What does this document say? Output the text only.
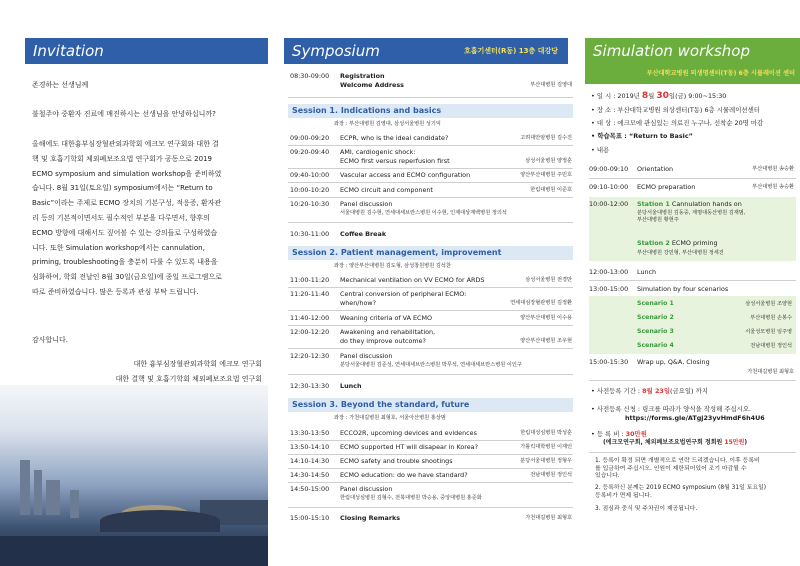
Invitation
존경하는 선생님께
불철주야 중환자 진료에 매진하시는 선생님을 안녕하십니까?
올해에도 대한흉부심장혈관외과학회 에크모 연구회와 대한 결
핵 및 호흡기학회 체외폐보조요법 연구회가 공동으로 2019
ECMO symposium and simulation workshop을 준비하였
습니다. 8월 31일(토요일) symposium에서는 “Return to
Basic”이라는 주제로 ECMO 장치의 기본구성, 적응증, 환자관
리 등의 기본적이면서도 필수적인 부분을 다루면서, 향후의
ECMO 방향에 대해서도 짚어볼 수 있는 강의들로 구성하였습
니다. 또한 Simulation workshop에서는 cannulation,
priming, troubleshooting을 충분히 다룰 수 있도록 내용을
심화하여, 학회 전날인 8월 30일(금요일)에 종일 프로그램으로
따로 준비하였습니다. 많은 등록과 관심 부탁 드립니다.
감사합니다.
대한 흉부심장혈관외과학회 에크모 연구회
대한 결핵 및 호흡기학회 체외폐보조요법 연구회
Symposium	호흡기센터(R동) 13층 대강당
08:30-09:00	Registration
Welcome Address	부산대병원 김영대
Session 1. Indications and basics
좌장 : 부산대병원 김영대, 삼성서울병원 성기익
09:00-09:20	ECPR, who is the ideal candidate?	고려대안암병원 김수진
09:20-09:40	AMI, cardiogenic shock:
ECMO first versus reperfusion first	삼성서울병원 양정훈
09:40-10:00	Vascular access and ECMO configuration	양산부산대병원 주민호
10:00-10:20	ECMO circuit and component	한림대병원 이준호
10:20-10:30	Panel discussion
서울대병원 김수현, 연세대세브란스병원 이수현, 인제대상계백병원 정의석
10:30-11:00	Coffee Break
Session 2. Patient management, improvement
좌장 : 양산부산대병원 김도형, 삼성창원병원 김석찬
11:00-11:20	Mechanical ventilation on VV ECMO for ARDS	삼성서울병원 전경만
11:20-11:40	Central conversion of peripheral ECMO:
when/how?	연세대심장혈관병원 김정환
11:40-12:00	Weaning criteria of VA ECMO	양산부산대병원 이수용
12:00-12:20	Awakening and rehabilitation,
do they improve outcome?	양산부산대병원 조우현
12:20-12:30	Panel discussion
분당서울대병원 김준성, 연세대세브란스병원 박무석, 연세대세브란스병원 이인구
12:30-13:30	Lunch
Session 3. Beyond the standard, future
좌장 : 가천대길병원 최형호, 서울아산병원 홍상범
13:30-13:50	ECCO2R, upcoming devices and evidences	한림대성심병원 박성훈
13:50-14:10	ECMO supported HT will disapear in Korea?	가톨릭대학병원 이재인
14:10-14:30	ECMO safety and trouble shootings	분당서울대병원 정형우
14:30-14:50	ECMO education: do we have standard?	전남대병원 정인석
14:50-15:00	Panel discussion
한림대성심병원 김형수, 전북대병원 박승용, 중앙대병원 홍준화
15:00-15:10	Closing Remarks	가천대길병원 최형호
Simulation workshop
부산대학교병원 의생명센터(T동) 6층 시뮬레이션 센터
• 일 시 : 2019년 8월 30일(금) 9:00~15:30
• 장 소 : 부산대학교병원 외상센터(T동) 6층 시뮬레이션센터
• 대 상 : 에크모에 관심있는 의료진 누구나, 선착순 20명 마감
• 학습목표 : “Return to Basic”
• 내용
09:00-09:10	Orientation	부산대병원 송승환
09:10-10:00	ECMO preparation	부산대병원 송승환
10:00-12:00	Station 1 Cannulation hands on
분당서울대병원 김동중, 계명대동산병원 김재범,
부산대병원 황현주
Station 2 ECMO priming
부산대병원 강민형, 부산대병원 정세진
12:00-13:00	Lunch
13:00-15:00	Simulation by four scenarios
Scenario 1	삼성서울병원 조양현
Scenario 2	부산대병원 손봉수
Scenario 3	서울성모병원 임주영
Scenario 4	전남대병원 정인석
15:00-15:30	Wrap up, Q&A, Closing
가천대길병원 최형호
• 사전등록 기간 : 8월 23일(금요일) 까지
• 사전등록 신청 : 링크를 따라가 양식을 작성해 주십시오.
https://forms.gle/ATgj23yvHmdF6h4U6
• 등 록 비 : 30만원
(에크모연구회, 체외폐보조요법연구회 정회원 15만원)
1. 등록이 확정 되면 개별적으로 연락 드리겠습니다. 이후 등록비
를 입금하여 주십시오. 인원이 제한되어있어 조기 마감될 수
있습니다.
2. 등록하신 분께는 2019 ECMO symposium (8월 31일 토요일)
등록비가 면제 됩니다.
3. 점심과 중식 및 주차권이 제공됩니다.
